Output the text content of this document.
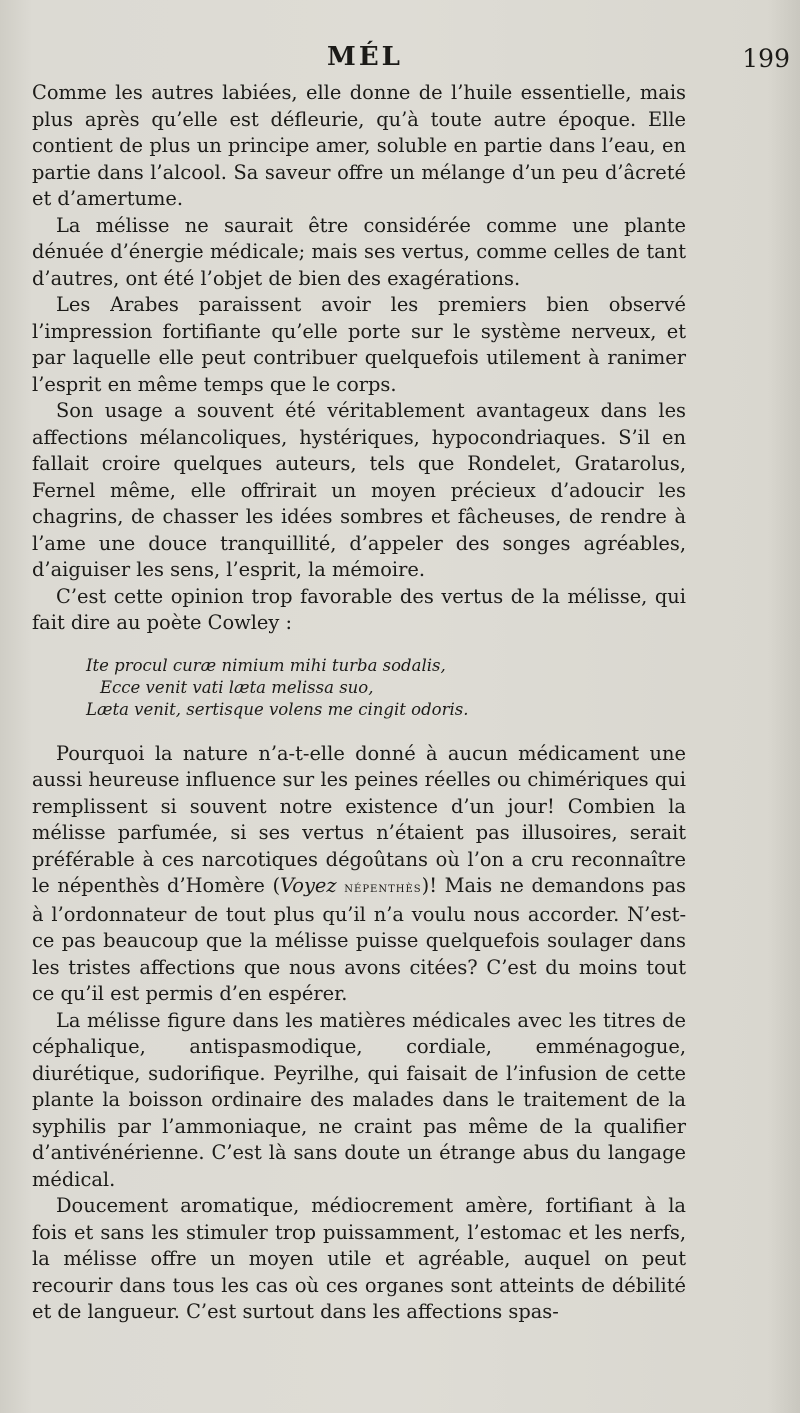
MÉL	199

Comme les autres labiées, elle donne de l’huile essentielle, mais plus après qu’elle est défleurie, qu’à toute autre époque. Elle contient de plus un principe amer, soluble en partie dans l’eau, en partie dans l’alcool. Sa saveur offre un mélange d’un peu d’âcreté et d’amertume.

La mélisse ne saurait être considérée comme une plante dénuée d’énergie médicale; mais ses vertus, comme celles de tant d’autres, ont été l’objet de bien des exagérations.

Les Arabes paraissent avoir les premiers bien observé l’impression fortifiante qu’elle porte sur le système nerveux, et par laquelle elle peut contribuer quelquefois utilement à ranimer l’esprit en même temps que le corps.

Son usage a souvent été véritablement avantageux dans les affections mélancoliques, hystériques, hypocondriaques. S’il en fallait croire quelques auteurs, tels que Rondelet, Gratarolus, Fernel même, elle offrirait un moyen précieux d’adoucir les chagrins, de chasser les idées sombres et fâcheuses, de rendre à l’ame une douce tranquillité, d’appeler des songes agréables, d’aiguiser les sens, l’esprit, la mémoire.

C’est cette opinion trop favorable des vertus de la mélisse, qui fait dire au poète Cowley :

Ite procul curæ nimium mihi turba sodalis,
Ecce venit vati læta melissa suo,
Læta venit, sertisque volens me cingit odoris.

Pourquoi la nature n’a-t-elle donné à aucun médicament une aussi heureuse influence sur les peines réelles ou chimériques qui remplissent si souvent notre existence d’un jour! Combien la mélisse parfumée, si ses vertus n’étaient pas illusoires, serait préférable à ces narcotiques dégoûtans où l’on a cru reconnaître le népenthès d’Homère (Voyez népenthès)! Mais ne demandons pas à l’ordonnateur de tout plus qu’il n’a voulu nous accorder. N’est-ce pas beaucoup que la mélisse puisse quelquefois soulager dans les tristes affections que nous avons citées? C’est du moins tout ce qu’il est permis d’en espérer.

La mélisse figure dans les matières médicales avec les titres de céphalique, antispasmodique, cordiale, emménagogue, diurétique, sudorifique. Peyrilhe, qui faisait de l’infusion de cette plante la boisson ordinaire des malades dans le traitement de la syphilis par l’ammoniaque, ne craint pas même de la qualifier d’antivénérienne. C’est là sans doute un étrange abus du langage médical.

Doucement aromatique, médiocrement amère, fortifiant à la fois et sans les stimuler trop puissamment, l’estomac et les nerfs, la mélisse offre un moyen utile et agréable, auquel on peut recourir dans tous les cas où ces organes sont atteints de débilité et de langueur. C’est surtout dans les affections spas-
